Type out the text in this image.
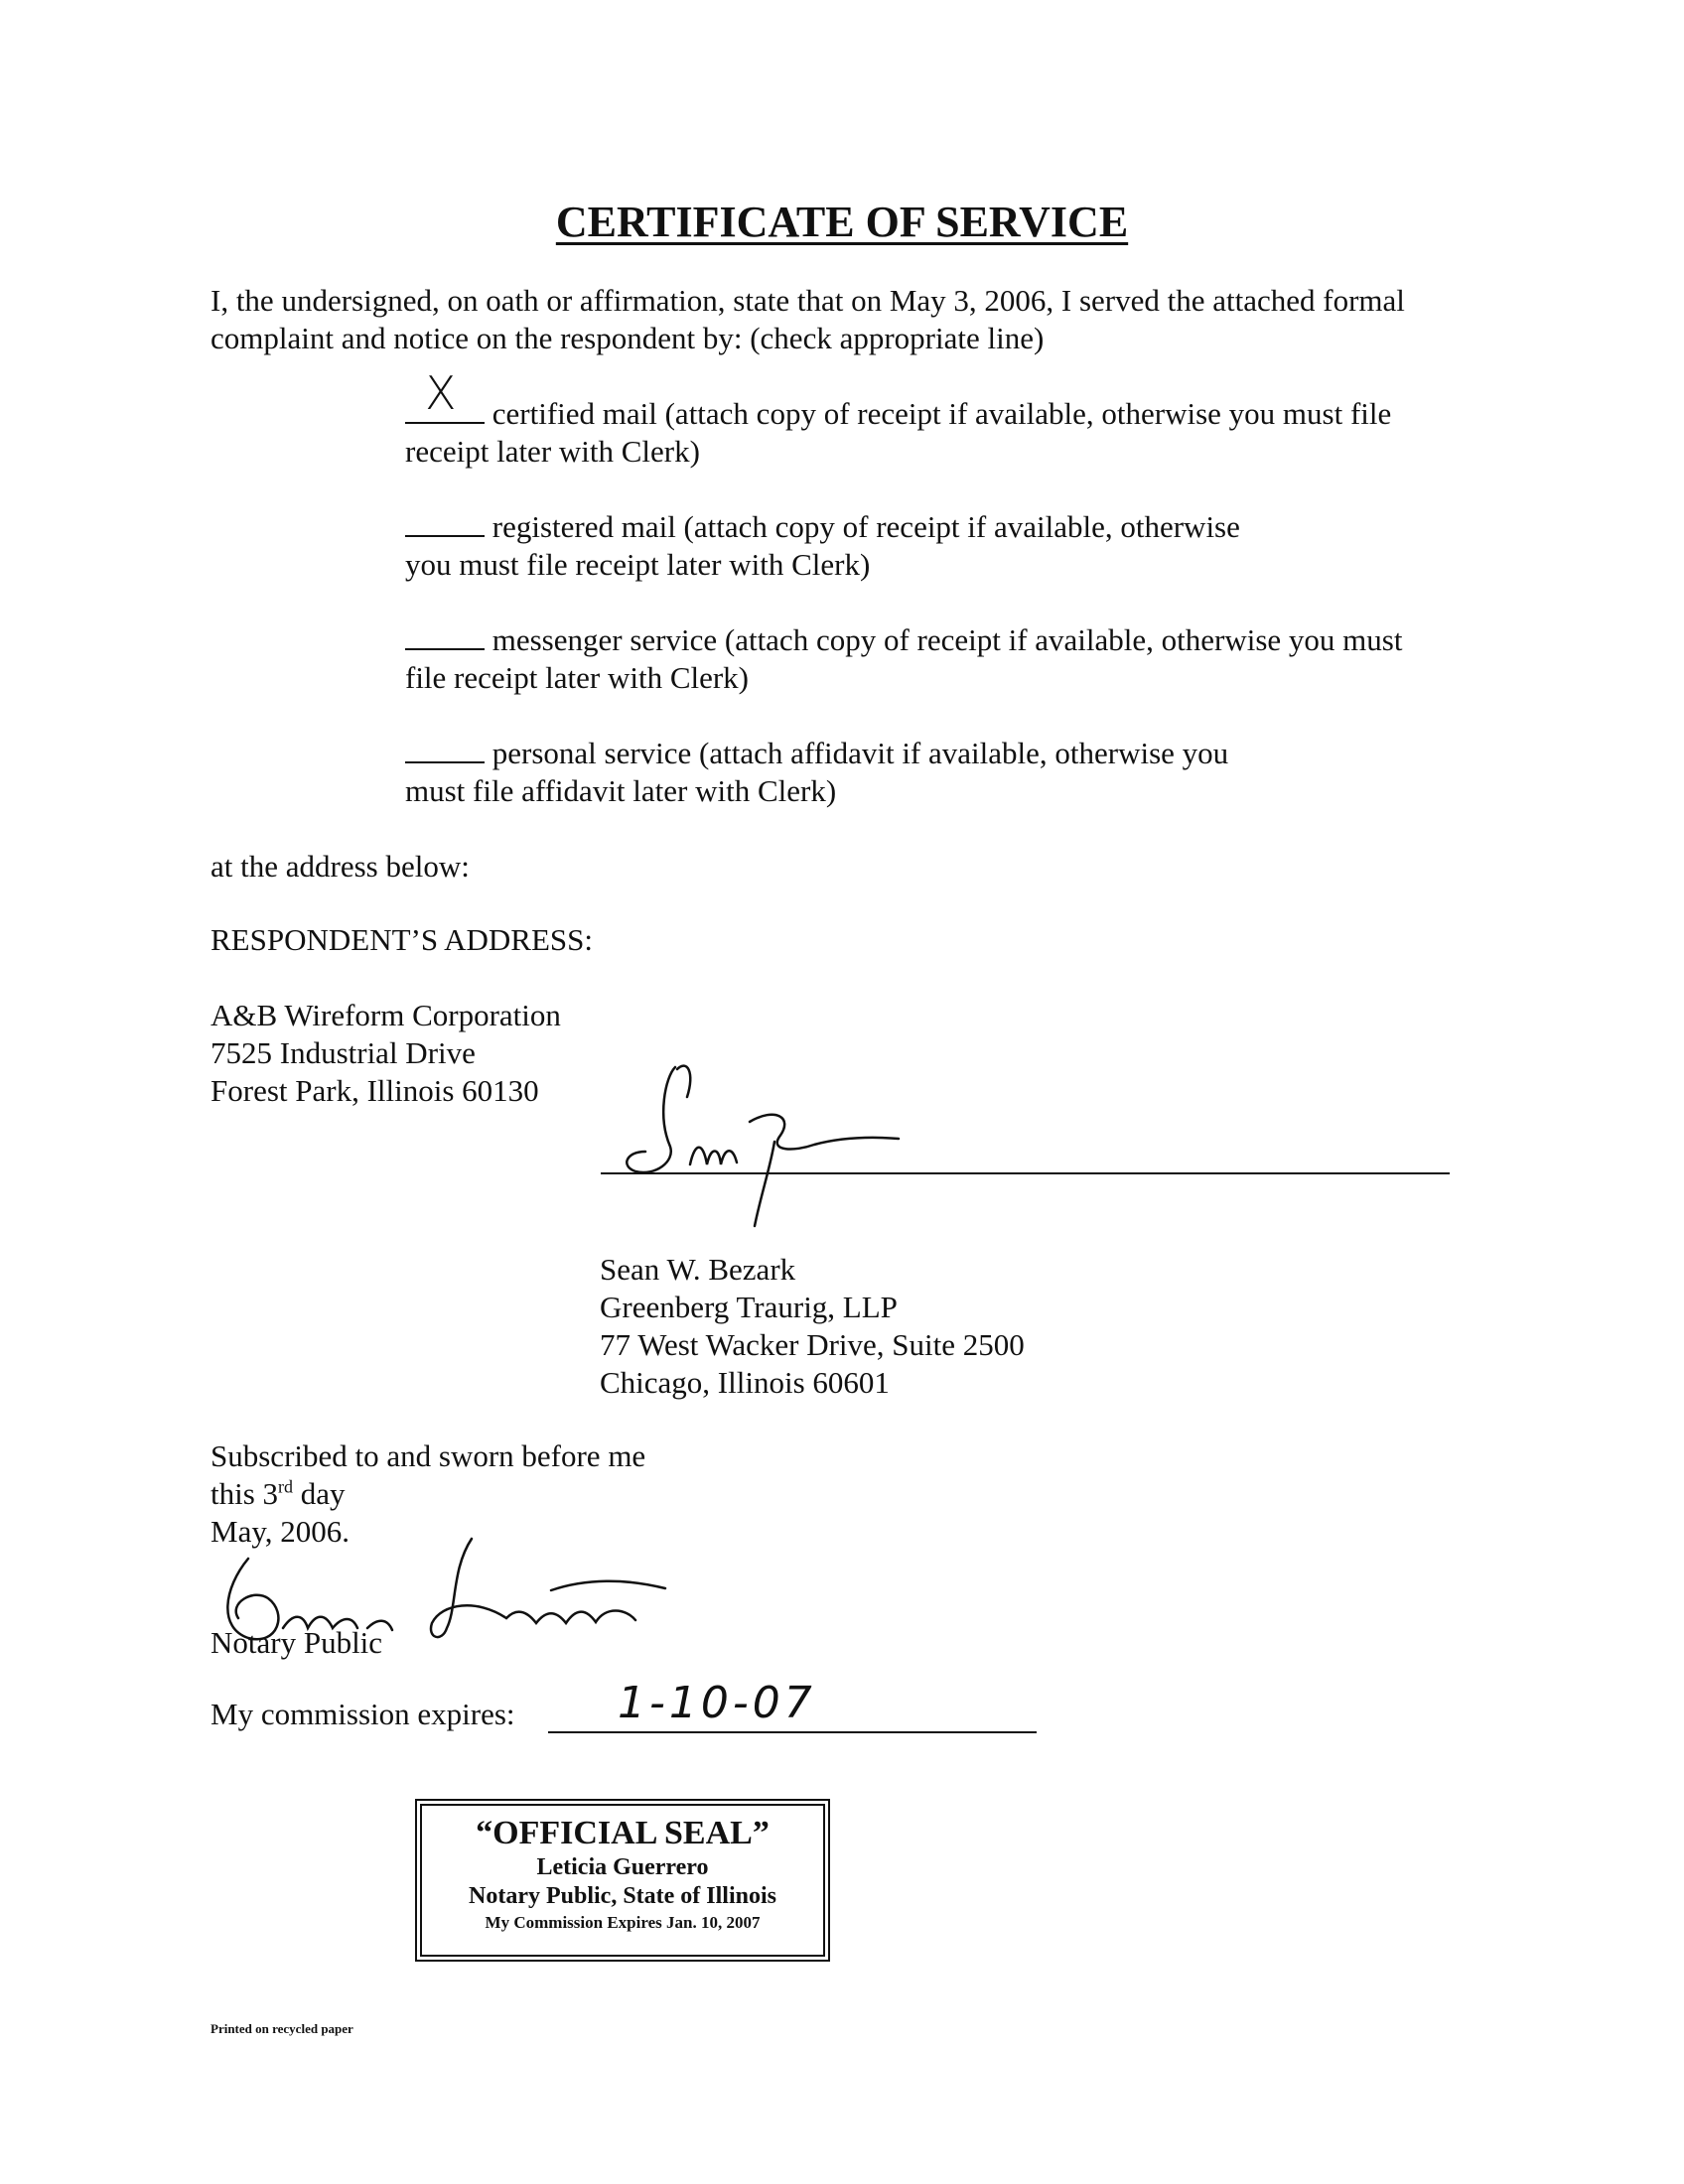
CERTIFICATE OF SERVICE
I, the undersigned, on oath or affirmation, state that on May 3, 2006, I served the attached formal
complaint and notice on the respondent by: (check appropriate line)
X certified mail (attach copy of receipt if available, otherwise you must file
receipt later with Clerk)
registered mail (attach copy of receipt if available, otherwise
you must file receipt later with Clerk)
messenger service (attach copy of receipt if available, otherwise you must
file receipt later with Clerk)
personal service (attach affidavit if available, otherwise you
must file affidavit later with Clerk)
at the address below:
RESPONDENT’S ADDRESS:
A&B Wireform Corporation
7525 Industrial Drive
Forest Park, Illinois 60130
Sean W. Bezark
Greenberg Traurig, LLP
77 West Wacker Drive, Suite 2500
Chicago, Illinois 60601
Subscribed to and sworn before me
this 3rd day
May, 2006.
Notary Public
My commission expires: 1-10-07
“OFFICIAL SEAL”
Leticia Guerrero
Notary Public, State of Illinois
My Commission Expires Jan. 10, 2007
Printed on recycled paper
